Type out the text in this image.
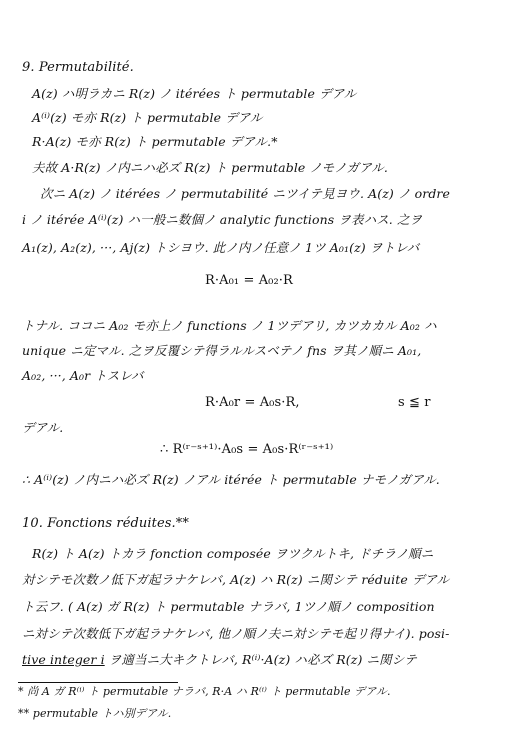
9. Permutabilité.
A(z) ハ明ラカニ R(z) ノ itérées ト permutable デアル
A⁽ⁱ⁾(z) モ亦 R(z) ト permutable デアル
R·A(z) モ亦 R(z) ト permutable デアル.*
夫故 A·R(z) ノ内ニハ必ズ R(z) ト permutable ノモノガアル.
次ニ A(z) ノ itérées ノ permutabilité ニツイテ見ヨウ. A(z) ノ ordre
i ノ itérée A⁽ⁱ⁾(z) ハ一般ニ数個ノ analytic functions ヲ表ハス. 之ヲ
A₁(z), A₂(z), ···, Aj(z) トシヨウ. 此ノ内ノ任意ノ 1ツ A₀₁(z) ヲトレバ
R·A₀₁ = A₀₂·R
トナル. ココニ A₀₂ モ亦上ノ functions ノ 1ツデアリ, カツカカル A₀₂ ハ
unique ニ定マル. 之ヲ反覆シテ得ラルルスベテノ fns ヲ其ノ順ニ A₀₁,
A₀₂, ···, A₀r トスレバ
R·A₀r = A₀s·R,	s ≦ r
デアル.
∴ R⁽ʳ⁻ˢ⁺¹⁾·A₀s = A₀s·R⁽ʳ⁻ˢ⁺¹⁾
∴ A⁽ⁱ⁾(z) ノ内ニハ必ズ R(z) ノアル itérée ト permutable ナモノガアル.
10. Fonctions réduites.**
R(z) ト A(z) トカラ fonction composée ヲツクルトキ, ドチラノ順ニ
対シテモ次数ノ低下ガ起ラナケレバ, A(z) ハ R(z) ニ関シテ réduite デアル
ト云フ. ( A(z) ガ R(z) ト permutable ナラバ, 1ツノ順ノ composition
ニ対シテ次数低下ガ起ラナケレバ, 他ノ順ノ夫ニ対シテモ起リ得ナイ). posi-
tive integer i ヲ適当ニ大キクトレバ, R⁽ⁱ⁾·A(z) ハ必ズ R(z) ニ関シテ
* 尚 A ガ R⁽ⁱ⁾ ト permutable ナラバ, R·A ハ R⁽ⁱ⁾ ト permutable デアル.
** permutable トハ別デアル.
